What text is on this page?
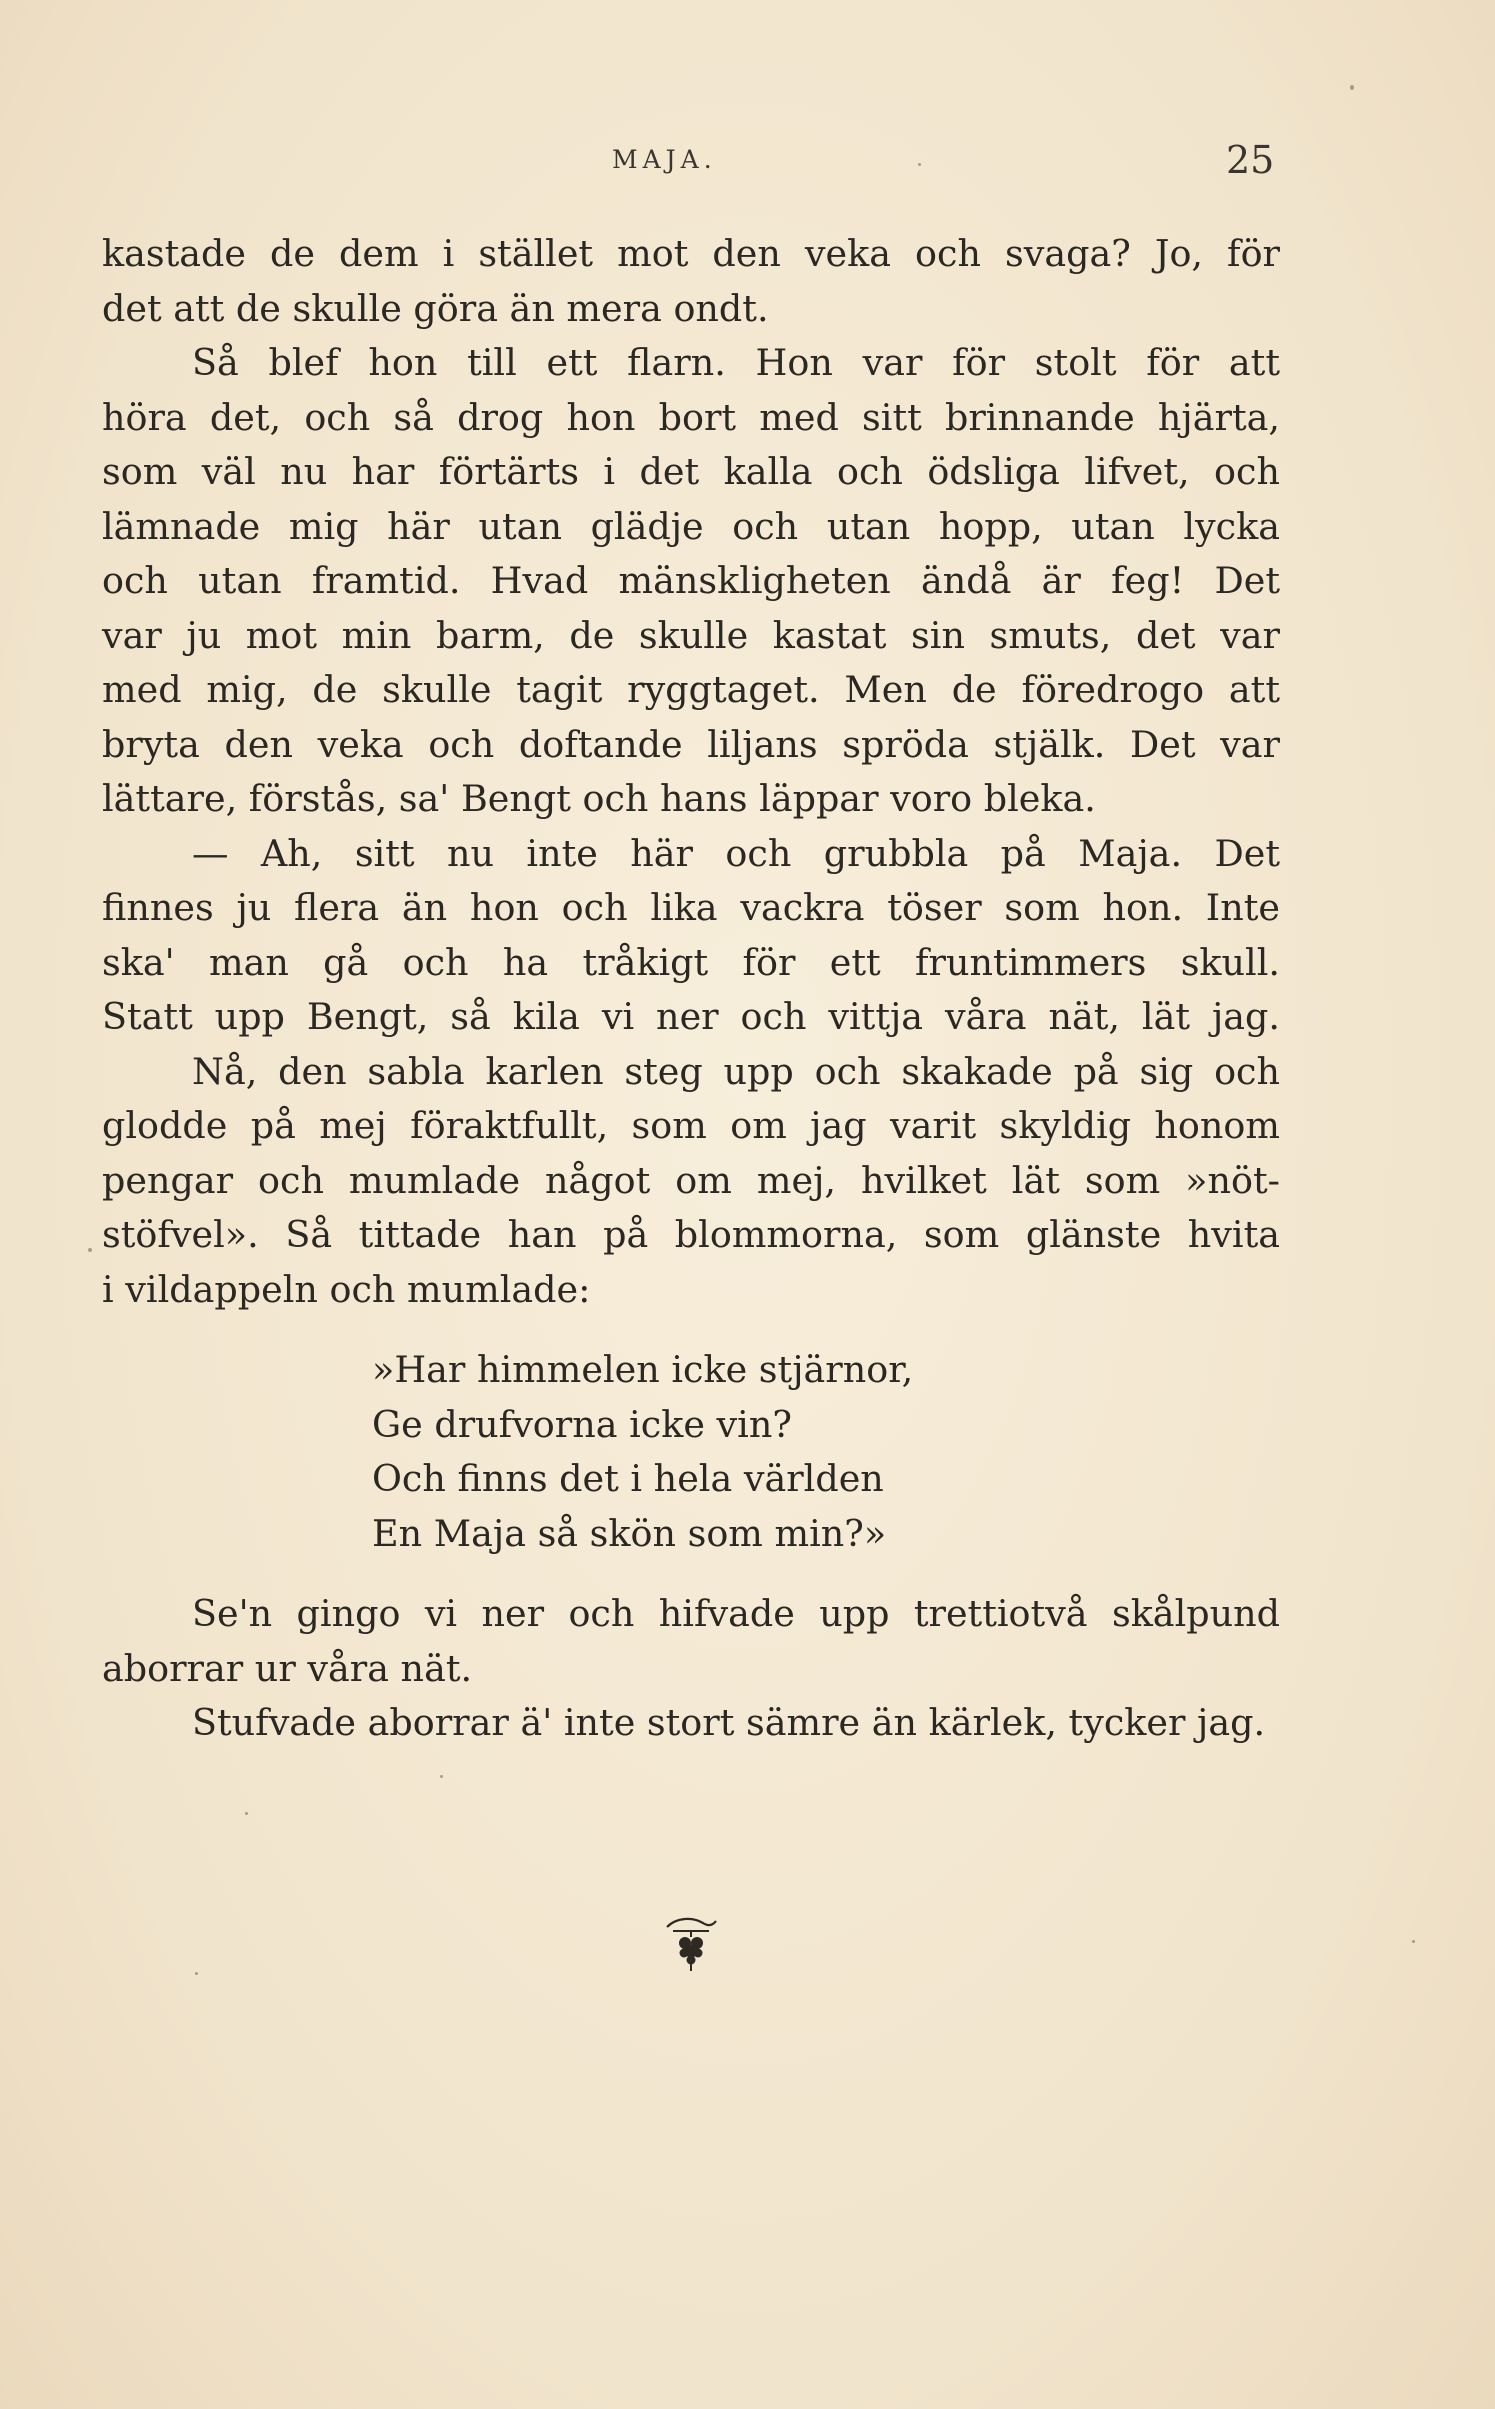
MAJA.	25
kastade de dem i stället mot den veka och svaga? Jo, för
det att de skulle göra än mera ondt.
Så blef hon till ett flarn. Hon var för stolt för att
höra det, och så drog hon bort med sitt brinnande hjärta,
som väl nu har förtärts i det kalla och ödsliga lifvet, och
lämnade mig här utan glädje och utan hopp, utan lycka
och utan framtid. Hvad mänskligheten ändå är feg! Det
var ju mot min barm, de skulle kastat sin smuts, det var
med mig, de skulle tagit ryggtaget. Men de föredrogo att
bryta den veka och doftande liljans spröda stjälk. Det var
lättare, förstås, sa' Bengt och hans läppar voro bleka.
— Ah, sitt nu inte här och grubbla på Maja. Det
finnes ju flera än hon och lika vackra töser som hon. Inte
ska' man gå och ha tråkigt för ett fruntimmers skull.
Statt upp Bengt, så kila vi ner och vittja våra nät, lät jag.
Nå, den sabla karlen steg upp och skakade på sig och
glodde på mej föraktfullt, som om jag varit skyldig honom
pengar och mumlade något om mej, hvilket lät som »nöt-
stöfvel». Så tittade han på blommorna, som glänste hvita
i vildappeln och mumlade:
»Har himmelen icke stjärnor,
Ge drufvorna icke vin?
Och finns det i hela världen
En Maja så skön som min?»
Se'n gingo vi ner och hifvade upp trettiotvå skålpund
aborrar ur våra nät.
Stufvade aborrar ä' inte stort sämre än kärlek, tycker jag.
